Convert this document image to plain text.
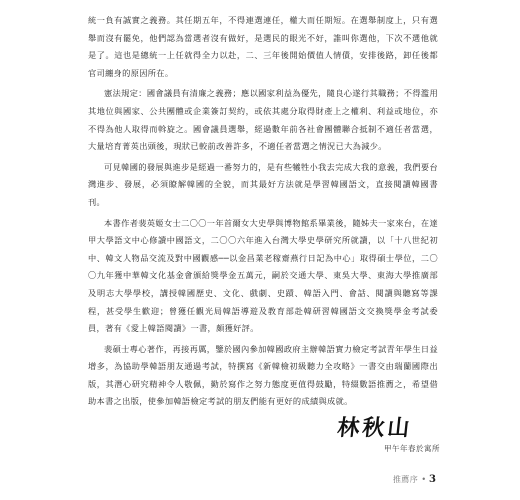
統一負有誠實之義務。其任期五年，不得連選連任，權大而任期短。在選舉制度上，只有選舉而沒有罷免，他們認為當選者沒有做好，是選民的眼光不好，誰叫你選他，下次不選他就是了。這也是總統一上任就得全力以赴，二、三年後開始價值人情債，安排後路，卸任後都官司纏身的原因所在。

憲法規定：國會議員有清廉之義務；應以國家利益為優先，隨良心遂行其職務；不得濫用其地位與國家、公共團體或企業簽訂契約，或依其處分取得財產上之權利、利益或地位，亦不得為他人取得而斡旋之。國會議員選舉，經過數年前各社會團體聯合抵制不適任者當選，大量培育菁英出頭後，現狀已較前改善許多，不適任者當選之情況已大為減少。

可見韓國的發展與進步是經過一番努力的，是有些犧牲小我去完成大我的意義，我們要台灣進步、發展，必須瞭解韓國的全貌，而其最好方法就是學習韓國語文，直接閱讀韓國書刊。

本書作者裴英姬女士二〇〇一年首爾女大史學與博物館系畢業後，隨姊夫一家來台，在達甲大學語文中心修讀中國語文，二〇〇六年進入台灣大學史學研究所就讀，以「十八世紀初中、韓文人物品交流及對中國觀感──以金昌業老稼齋燕行日記為中心」取得碩士學位，二〇〇九年獲中華韓文化基金會頒給獎學金五萬元，嗣於交通大學、東吳大學、東海大學推廣部及明志大學學校，講授韓國歷史、文化、戲劇、史蹟、韓語入門、會話、閱讀與聽寫等課程，甚受學生歡迎；曾獲任觀光局韓語導遊及教育部赴韓研習韓國語文交換獎學金考試委員，著有《愛上韓語閱讀》一書，頗獲好評。

裴碩士專心著作，再接再厲，鑒於國內參加韓國政府主辦韓語實力檢定考試青年學生日益增多，為協助學韓語朋友通過考試，特撰寫《新韓檢初級聽力全攻略》一書交由瑞蘭國際出版，其潛心研究精神令人敬佩，勤於寫作之努力態度更值得鼓勵，特綴數語推薦之，希望借助本書之出版，使參加韓語檢定考試的朋友們能有更好的成績與成就。

林秋山
甲午年春於寓所
推薦序 • 3
